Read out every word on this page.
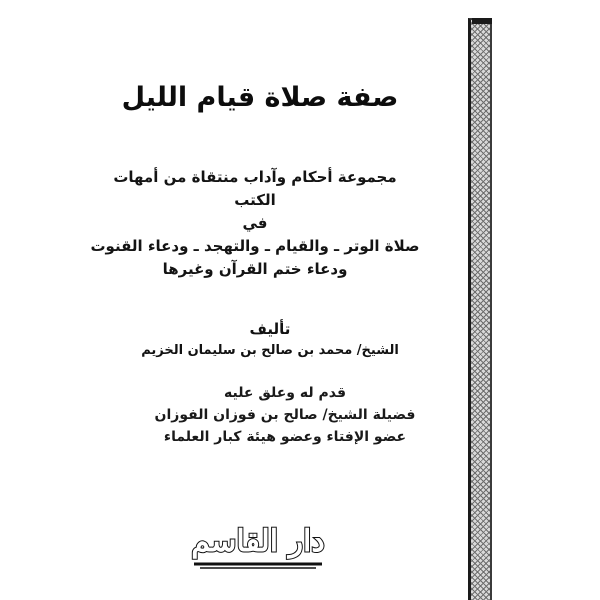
صفة صلاة قيام الليل
مجموعة أحكام وآداب منتقاة من أمهات الكتب
في
صلاة الوتر ـ والقيام ـ والتهجد ـ ودعاء القنوت
ودعاء ختم القرآن وغيرها
تأليف
الشيخ/ محمد بن صالح بن سليمان الخزيم
قدم له وعلق عليه
فضيلة الشيخ/ صالح بن فوزان الفوزان
عضو الإفتاء وعضو هيئة كبار العلماء
دار القاسم
